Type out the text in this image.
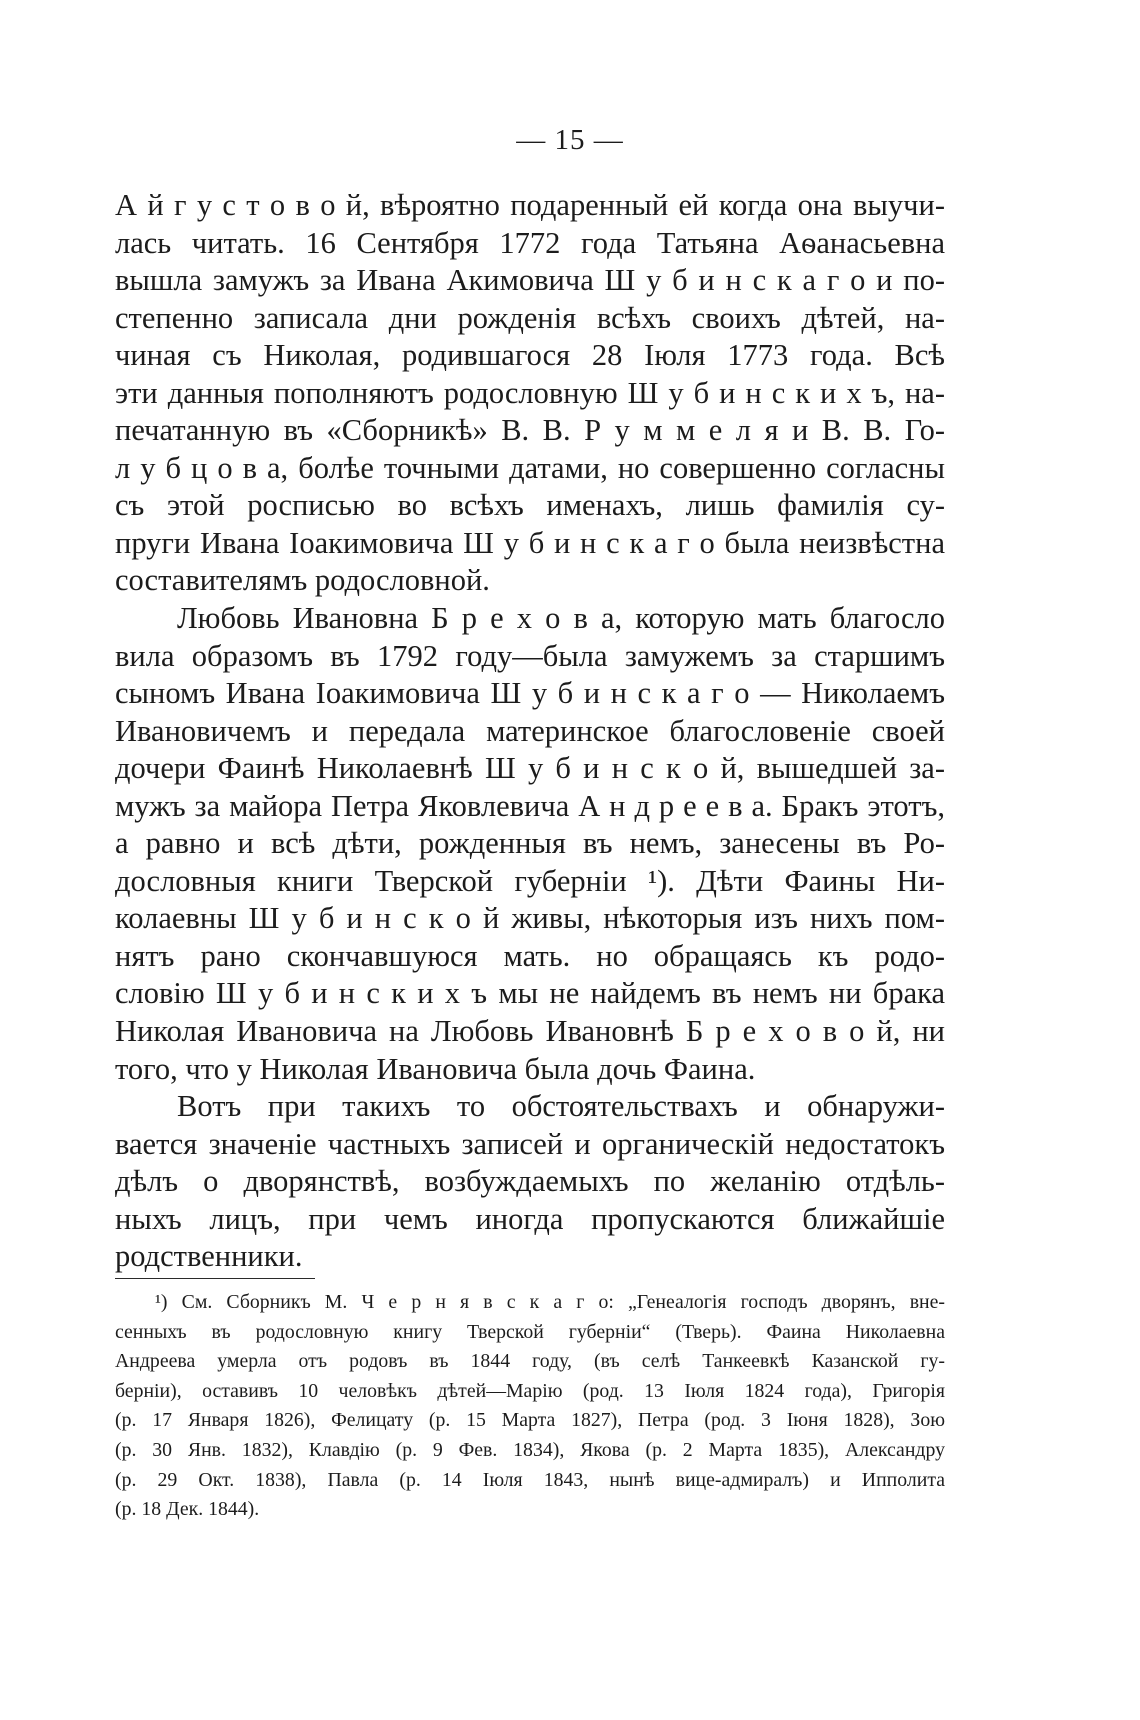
— 15 —
А й г у с т о в о й, вѣроятно подаренный ей когда она выучи-
лась читать. 16 Сентября 1772 года Татьяна Аѳанасьевна
вышла замужъ за Ивана Акимовича Ш у б и н с к а г о и по-
степенно записала дни рожденія всѣхъ своихъ дѣтей, на-
чиная съ Николая, родившагося 28 Іюля 1773 года. Всѣ
эти данныя пополняютъ родословную Ш у б и н с к и х ъ, на-
печатанную въ «Сборникѣ» В. В. Р у м м е л я и В. В. Го-
л у б ц о в а, болѣе точными датами, но совершенно согласны
съ этой росписью во всѣхъ именахъ, лишь фамилія су-
пруги Ивана Іоакимовича Ш у б и н с к а г о была неизвѣстна
составителямъ родословной.
Любовь Ивановна Б р е х о в а, которую мать благосло
вила образомъ въ 1792 году—была замужемъ за старшимъ
сыномъ Ивана Іоакимовича Ш у б и н с к а г о — Николаемъ
Ивановичемъ и передала материнское благословеніе своей
дочери Фаинѣ Николаевнѣ Ш у б и н с к о й, вышедшей за-
мужъ за майора Петра Яковлевича А н д р е е в а. Бракъ этотъ,
а равно и всѣ дѣти, рожденныя въ немъ, занесены въ Ро-
дословныя книги Тверской губерніи ¹). Дѣти Фаины Ни-
колаевны Ш у б и н с к о й живы, нѣкоторыя изъ нихъ пом-
нятъ рано скончавшуюся мать. но обращаясь къ родо-
словію Ш у б и н с к и х ъ мы не найдемъ въ немъ ни брака
Николая Ивановича на Любовь Ивановнѣ Б р е х о в о й, ни
того, что у Николая Ивановича была дочь Фаина.
Вотъ при такихъ то обстоятельствахъ и обнаружи-
вается значеніе частныхъ записей и органическій недостатокъ
дѣлъ о дворянствѣ, возбуждаемыхъ по желанію отдѣль-
ныхъ лицъ, при чемъ иногда пропускаются ближайшіе
родственники.
¹) См. Сборникъ М. Ч е р н я в с к а г о: „Генеалогія господъ дворянъ, вне-
сенныхъ въ родословную книгу Тверской губерніи“ (Тверь). Фаина Николаевна
Андреева умерла отъ родовъ въ 1844 году, (въ селѣ Танкеевкѣ Казанской гу-
берніи), оставивъ 10 человѣкъ дѣтей—Марію (род. 13 Іюля 1824 года), Григорія
(р. 17 Января 1826), Фелицату (р. 15 Марта 1827), Петра (род. 3 Іюня 1828), Зою
(р. 30 Янв. 1832), Клавдію (р. 9 Фев. 1834), Якова (р. 2 Марта 1835), Александру
(р. 29 Окт. 1838), Павла (р. 14 Іюля 1843, нынѣ вице-адмиралъ) и Ипполита
(р. 18 Дек. 1844).
